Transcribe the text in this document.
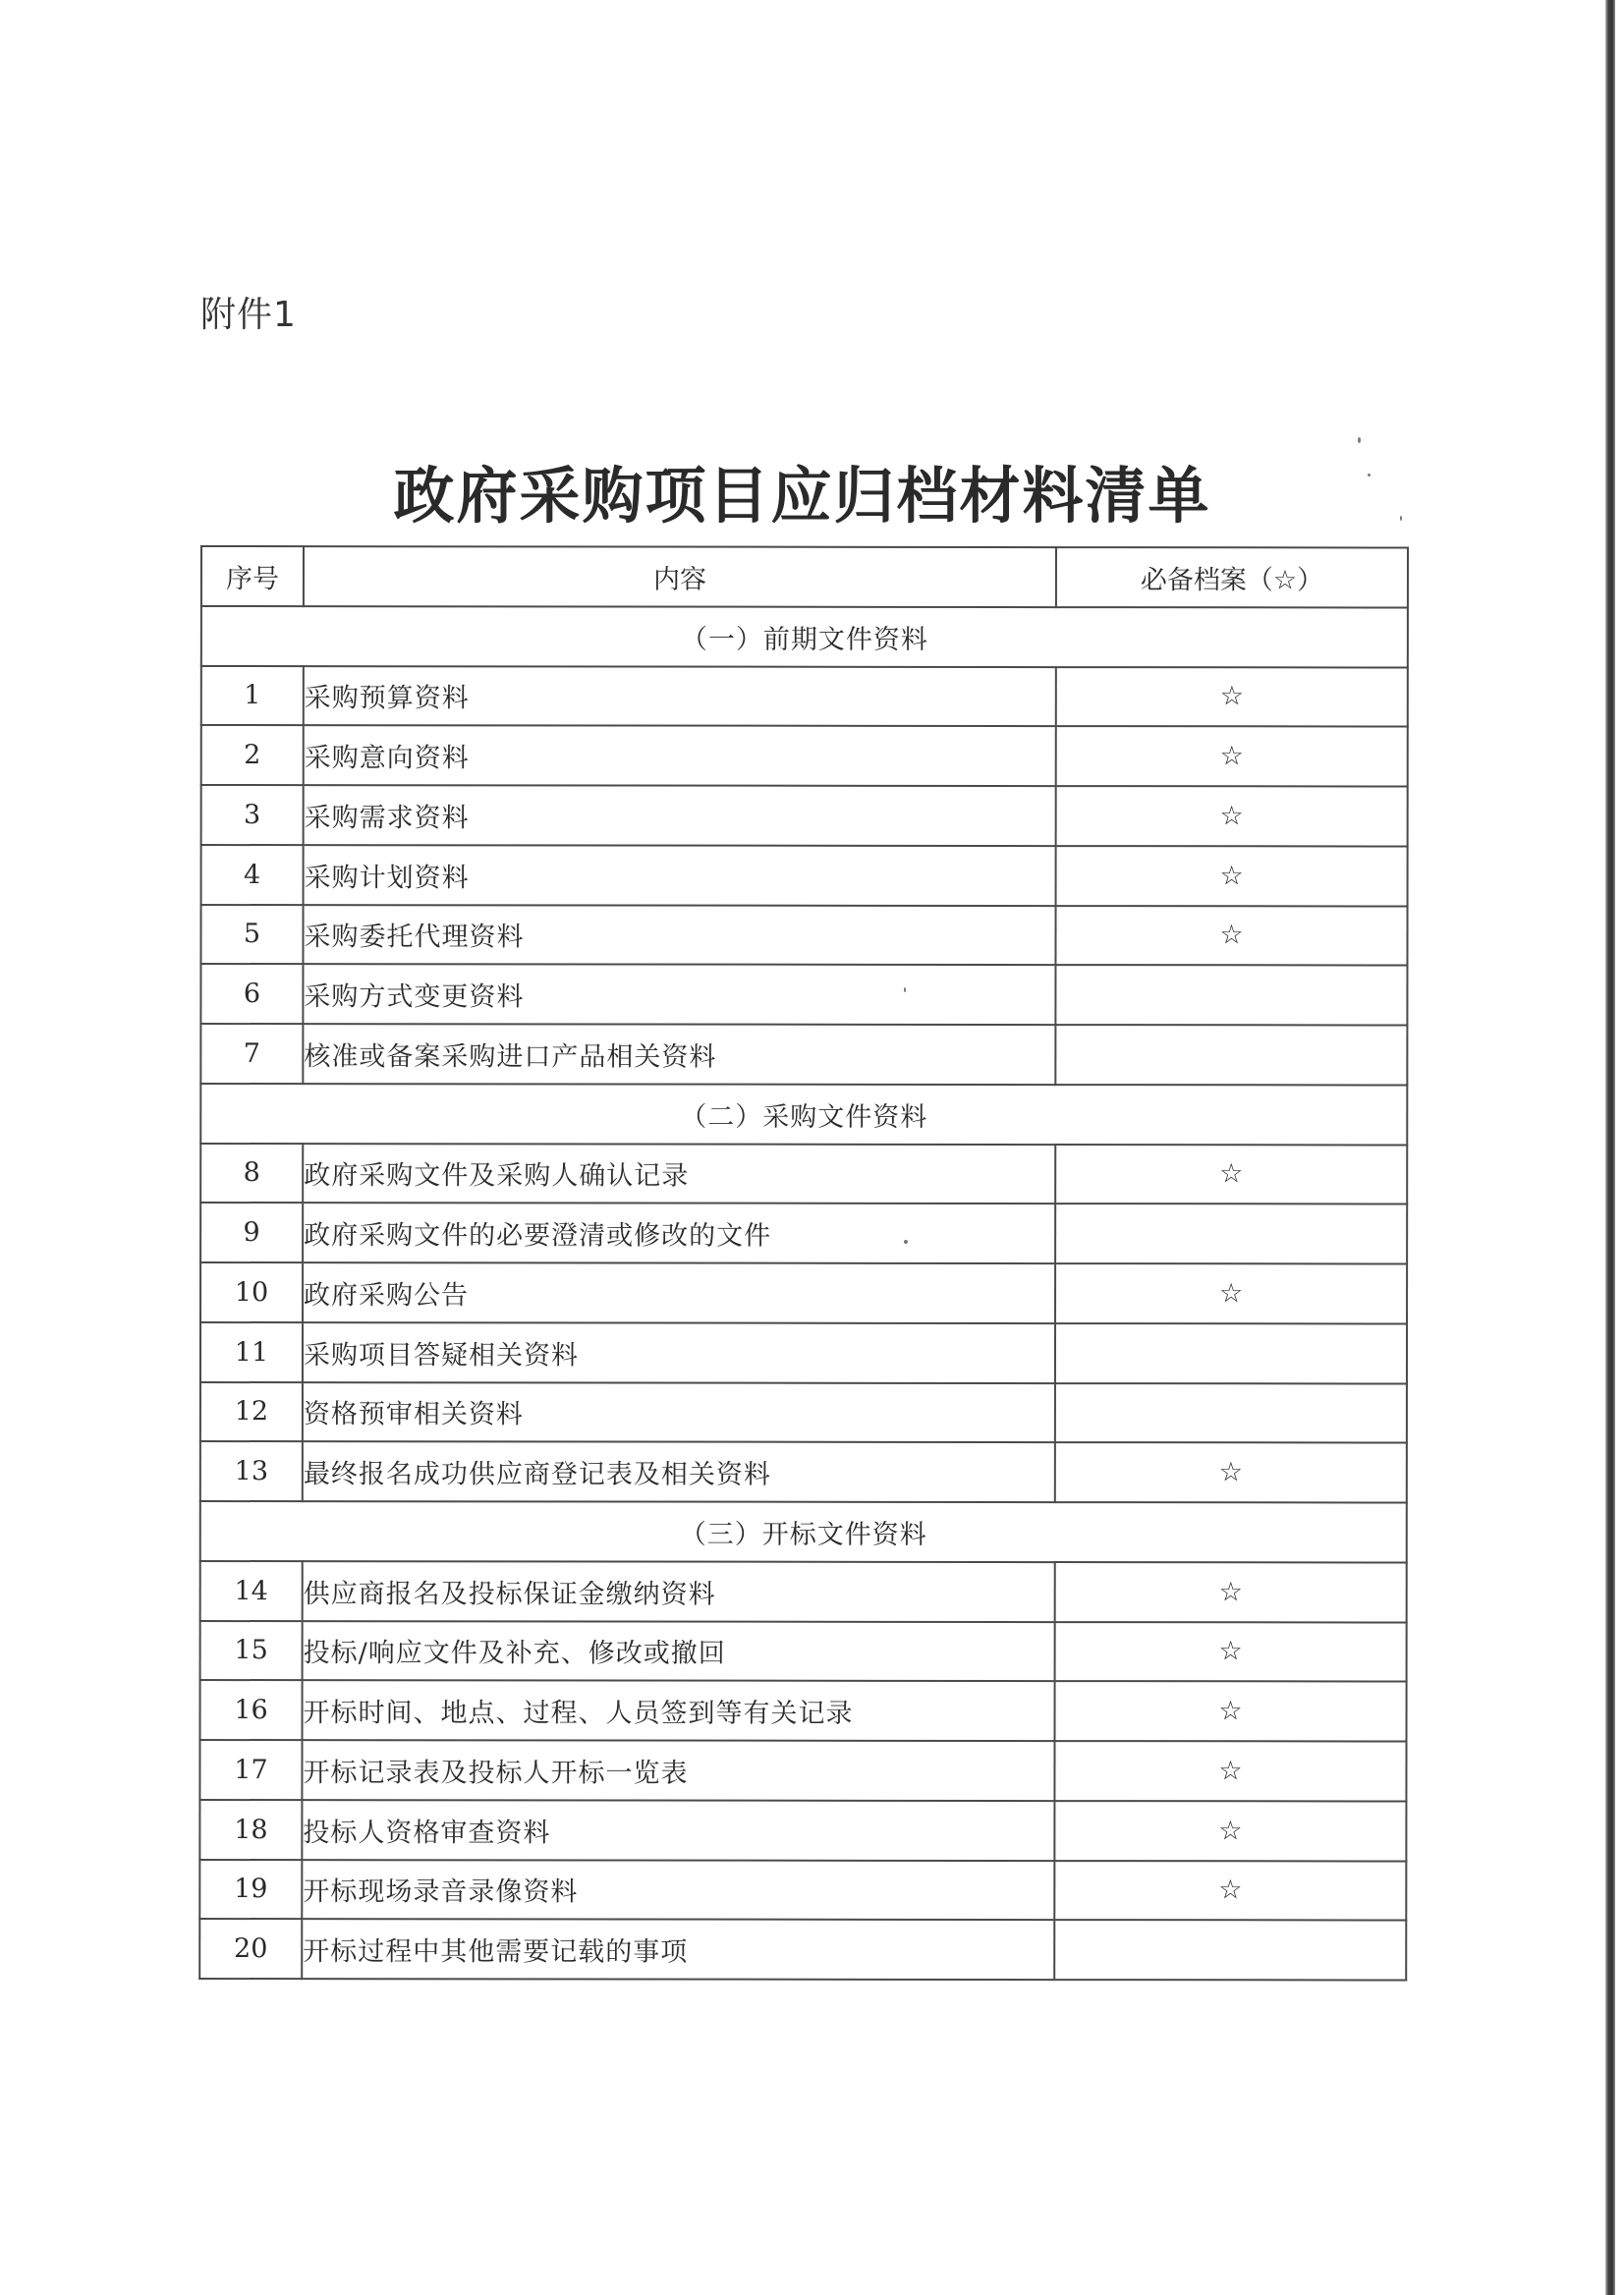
附件1
政府采购项目应归档材料清单
序号	内容	必备档案（☆）
（一）前期文件资料		
1	采购预算资料	☆
2	采购意向资料	☆
3	采购需求资料	☆
4	采购计划资料	☆
5	采购委托代理资料	☆
6	采购方式变更资料	
7	核准或备案采购进口产品相关资料	
（二）采购文件资料		
8	政府采购文件及采购人确认记录	☆
9	政府采购文件的必要澄清或修改的文件	
10	政府采购公告	☆
11	采购项目答疑相关资料	
12	资格预审相关资料	
13	最终报名成功供应商登记表及相关资料	☆
（三）开标文件资料		
14	供应商报名及投标保证金缴纳资料	☆
15	投标/响应文件及补充、修改或撤回	☆
16	开标时间、地点、过程、人员签到等有关记录	☆
17	开标记录表及投标人开标一览表	☆
18	投标人资格审查资料	☆
19	开标现场录音录像资料	☆
20	开标过程中其他需要记载的事项	
